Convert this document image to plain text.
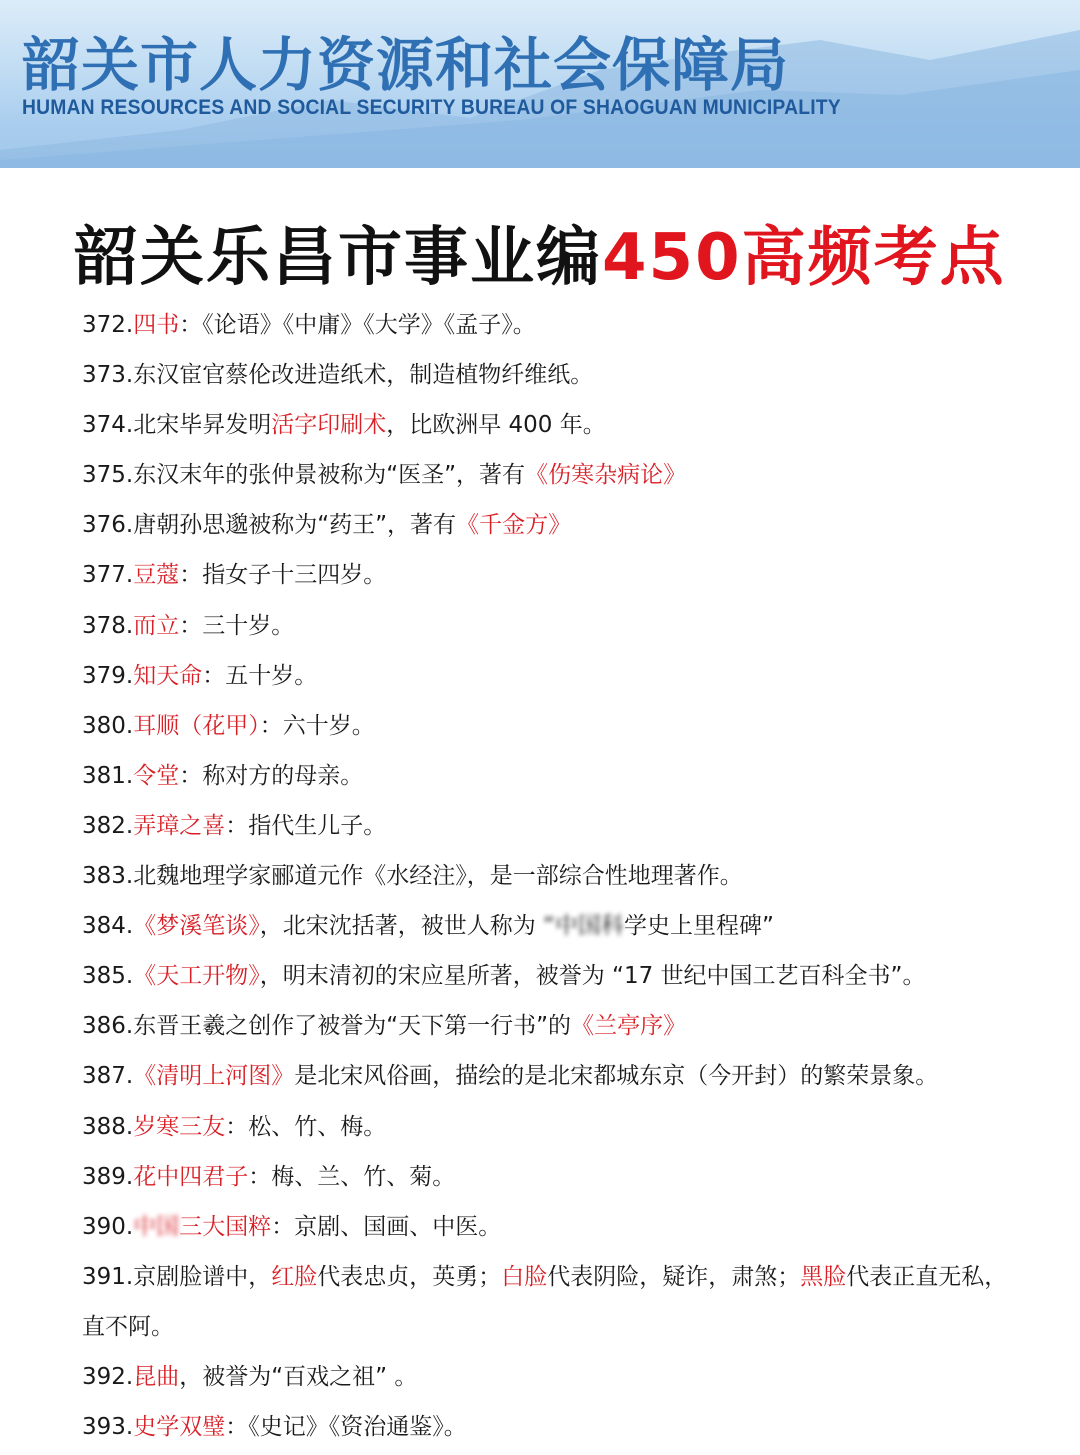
韶关市人力资源和社会保障局
HUMAN RESOURCES AND SOCIAL SECURITY BUREAU OF SHAOGUAN MUNICIPALITY
韶关乐昌市事业编450高频考点
372.四书：《论语》《中庸》《大学》《孟子》。
373.东汉宦官蔡伦改进造纸术，制造植物纤维纸。
374.北宋毕昇发明活字印刷术，比欧洲早 400 年。
375.东汉末年的张仲景被称为“医圣”，著有《伤寒杂病论》
376.唐朝孙思邈被称为“药王”，著有《千金方》
377.豆蔻：指女子十三四岁。
378.而立：三十岁。
379.知天命：五十岁。
380.耳顺（花甲）：六十岁。
381.令堂：称对方的母亲。
382.弄璋之喜：指代生儿子。
383.北魏地理学家郦道元作《水经注》，是一部综合性地理著作。
384.《梦溪笔谈》，北宋沈括著，被世人称为 “中国科学史上里程碑”
385.《天工开物》，明末清初的宋应星所著，被誉为 “17 世纪中国工艺百科全书”。
386.东晋王羲之创作了被誉为“天下第一行书”的《兰亭序》
387.《清明上河图》是北宋风俗画，描绘的是北宋都城东京（今开封）的繁荣景象。
388.岁寒三友：松、竹、梅。
389.花中四君子：梅、兰、竹、菊。
390.中国三大国粹：京剧、国画、中医。
391.京剧脸谱中，红脸代表忠贞，英勇；白脸代表阴险，疑诈，肃煞；黑脸代表正直无私，
直不阿。
392.昆曲，被誉为“百戏之祖” 。
393.史学双璧：《史记》《资治通鉴》。
